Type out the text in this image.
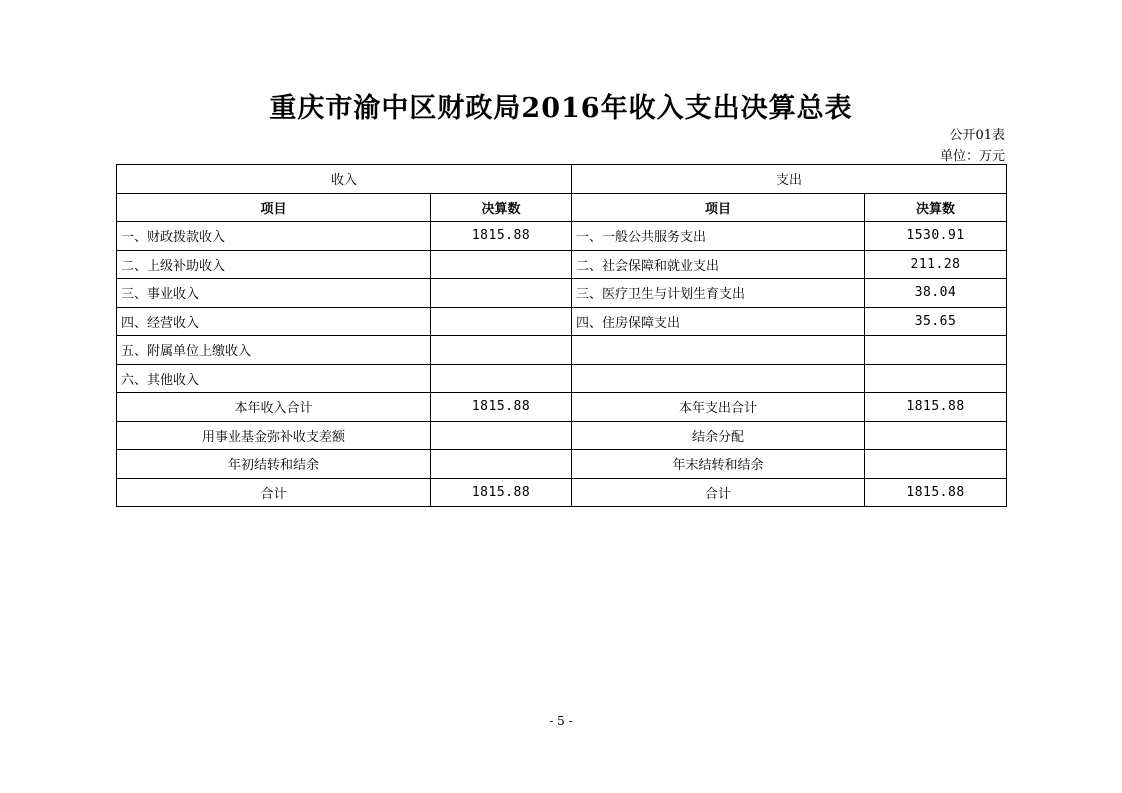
重庆市渝中区财政局2016年收入支出决算总表
公开01表
单位：万元
收入		支出	
项目	决算数	项目	决算数
一、财政拨款收入	1815.88	一、一般公共服务支出	1530.91
二、上级补助收入		二、社会保障和就业支出	211.28
三、事业收入		三、医疗卫生与计划生育支出	38.04
四、经营收入		四、住房保障支出	35.65
五、附属单位上缴收入			
六、其他收入			
本年收入合计	1815.88	本年支出合计	1815.88
用事业基金弥补收支差额		结余分配	
年初结转和结余		年末结转和结余	
合计	1815.88	合计	1815.88
- 5 -
